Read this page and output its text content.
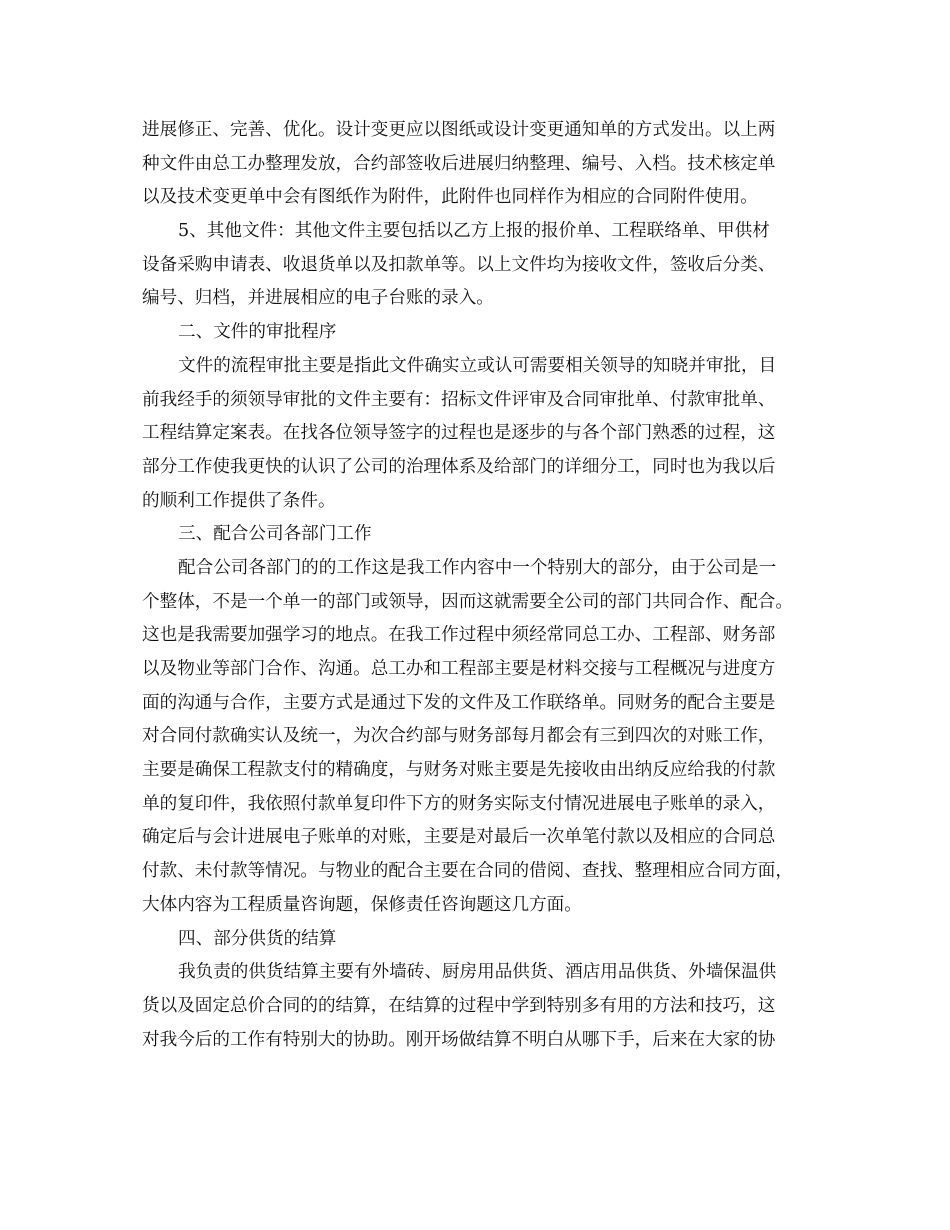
进展修正、完善、优化。设计变更应以图纸或设计变更通知单的方式发出。以上两
种文件由总工办整理发放，合约部签收后进展归纳整理、编号、入档。技术核定单
以及技术变更单中会有图纸作为附件，此附件也同样作为相应的合同附件使用。
5、其他文件：其他文件主要包括以乙方上报的报价单、工程联络单、甲供材
设备采购申请表、收退货单以及扣款单等。以上文件均为接收文件，签收后分类、
编号、归档，并进展相应的电子台账的录入。
二、文件的审批程序
文件的流程审批主要是指此文件确实立或认可需要相关领导的知晓并审批，目
前我经手的须领导审批的文件主要有：招标文件评审及合同审批单、付款审批单、
工程结算定案表。在找各位领导签字的过程也是逐步的与各个部门熟悉的过程，这
部分工作使我更快的认识了公司的治理体系及给部门的详细分工，同时也为我以后
的顺利工作提供了条件。
三、配合公司各部门工作
配合公司各部门的的工作这是我工作内容中一个特别大的部分，由于公司是一
个整体，不是一个单一的部门或领导，因而这就需要全公司的部门共同合作、配合。
这也是我需要加强学习的地点。在我工作过程中须经常同总工办、工程部、财务部
以及物业等部门合作、沟通。总工办和工程部主要是材料交接与工程概况与进度方
面的沟通与合作，主要方式是通过下发的文件及工作联络单。同财务的配合主要是
对合同付款确实认及统一，为次合约部与财务部每月都会有三到四次的对账工作，
主要是确保工程款支付的精确度，与财务对账主要是先接收由出纳反应给我的付款
单的复印件，我依照付款单复印件下方的财务实际支付情况进展电子账单的录入，
确定后与会计进展电子账单的对账，主要是对最后一次单笔付款以及相应的合同总
付款、未付款等情况。与物业的配合主要在合同的借阅、查找、整理相应合同方面，
大体内容为工程质量咨询题，保修责任咨询题这几方面。
四、部分供货的结算
我负责的供货结算主要有外墙砖、厨房用品供货、酒店用品供货、外墙保温供
货以及固定总价合同的的结算，在结算的过程中学到特别多有用的方法和技巧，这
对我今后的工作有特别大的协助。刚开场做结算不明白从哪下手，后来在大家的协
